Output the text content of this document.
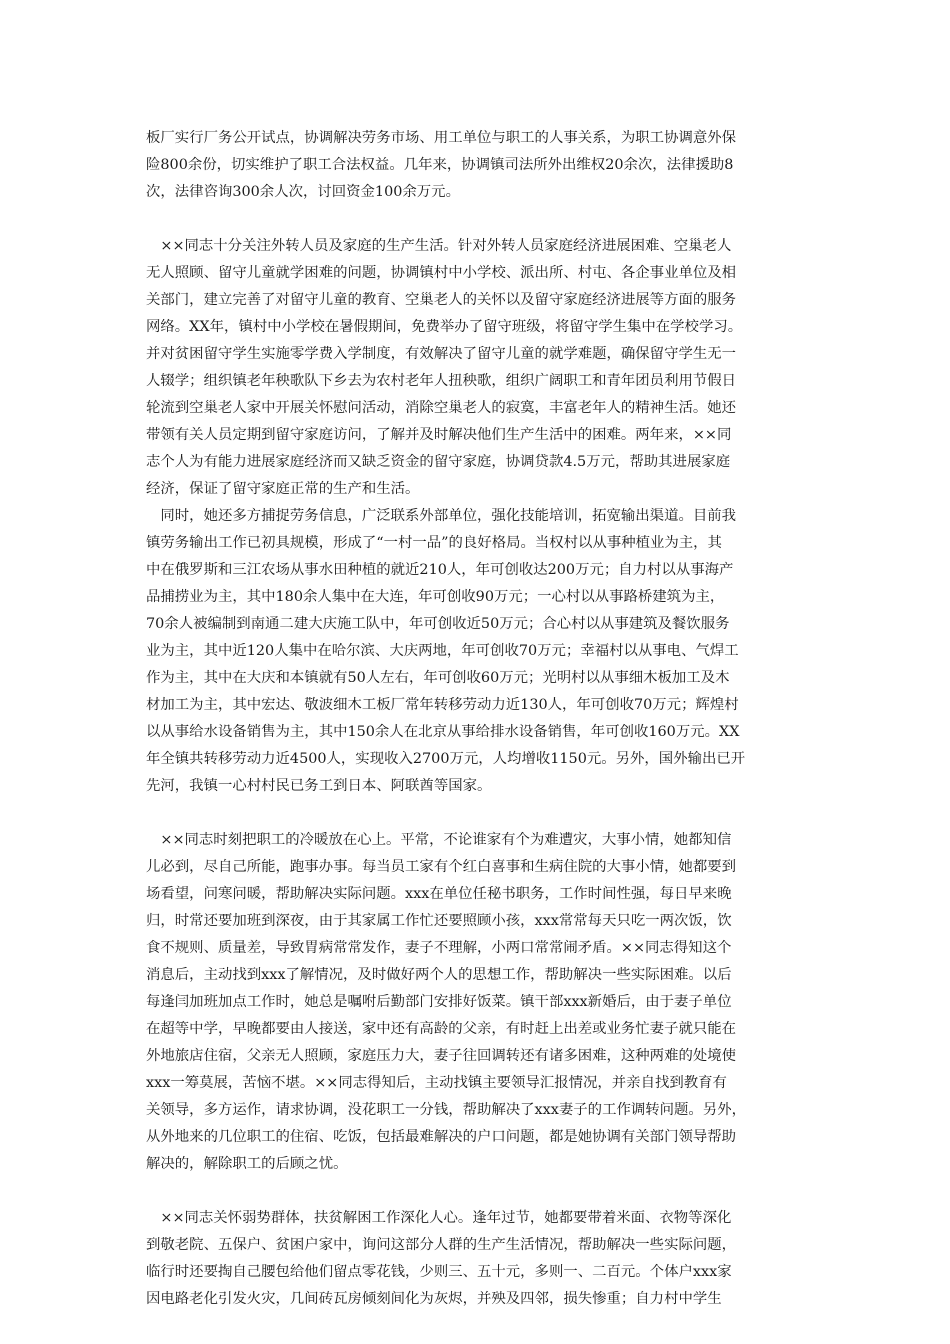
板厂实行厂务公开试点，协调解决劳务市场、用工单位与职工的人事关系，为职工协调意外保
险800余份，切实维护了职工合法权益。几年来，协调镇司法所外出维权20余次，法律援助8
次，法律咨询300余人次，讨回资金100余万元。
　××同志十分关注外转人员及家庭的生产生活。针对外转人员家庭经济进展困难、空巢老人
无人照顾、留守儿童就学困难的问题，协调镇村中小学校、派出所、村屯、各企事业单位及相
关部门，建立完善了对留守儿童的教育、空巢老人的关怀以及留守家庭经济进展等方面的服务
网络。XX年，镇村中小学校在暑假期间，免费举办了留守班级，将留守学生集中在学校学习。
并对贫困留守学生实施零学费入学制度，有效解决了留守儿童的就学难题，确保留守学生无一
人辍学；组织镇老年秧歌队下乡去为农村老年人扭秧歌，组织广阔职工和青年团员利用节假日
轮流到空巢老人家中开展关怀慰问活动，消除空巢老人的寂寞，丰富老年人的精神生活。她还
带领有关人员定期到留守家庭访问，了解并及时解决他们生产生活中的困难。两年来，××同
志个人为有能力进展家庭经济而又缺乏资金的留守家庭，协调贷款4.5万元，帮助其进展家庭
经济，保证了留守家庭正常的生产和生活。
　同时，她还多方捕捉劳务信息，广泛联系外部单位，强化技能培训，拓宽输出渠道。目前我
镇劳务输出工作已初具规模，形成了“一村一品”的良好格局。当权村以从事种植业为主，其
中在俄罗斯和三江农场从事水田种植的就近210人，年可创收达200万元；自力村以从事海产
品捕捞业为主，其中180余人集中在大连，年可创收90万元；一心村以从事路桥建筑为主，
70余人被编制到南通二建大庆施工队中，年可创收近50万元；合心村以从事建筑及餐饮服务
业为主，其中近120人集中在哈尔滨、大庆两地，年可创收70万元；幸福村以从事电、气焊工
作为主，其中在大庆和本镇就有50人左右，年可创收60万元；光明村以从事细木板加工及木
材加工为主，其中宏达、敬波细木工板厂常年转移劳动力近130人，年可创收70万元；辉煌村
以从事给水设备销售为主，其中150余人在北京从事给排水设备销售，年可创收160万元。XX
年全镇共转移劳动力近4500人，实现收入2700万元，人均增收1150元。另外，国外输出已开
先河，我镇一心村村民已务工到日本、阿联酋等国家。
　××同志时刻把职工的冷暖放在心上。平常，不论谁家有个为难遭灾，大事小情，她都知信
儿必到，尽自己所能，跑事办事。每当员工家有个红白喜事和生病住院的大事小情，她都要到
场看望，问寒问暖，帮助解决实际问题。xxx在单位任秘书职务，工作时间性强，每日早来晚
归，时常还要加班到深夜，由于其家属工作忙还要照顾小孩，xxx常常每天只吃一两次饭，饮
食不规则、质量差，导致胃病常常发作，妻子不理解，小两口常常闹矛盾。××同志得知这个
消息后，主动找到xxx了解情况，及时做好两个人的思想工作，帮助解决一些实际困难。以后
每逢闫加班加点工作时，她总是嘱咐后勤部门安排好饭菜。镇干部xxx新婚后，由于妻子单位
在超等中学，早晚都要由人接送，家中还有高龄的父亲，有时赶上出差或业务忙妻子就只能在
外地旅店住宿，父亲无人照顾，家庭压力大，妻子往回调转还有诸多困难，这种两难的处境使
xxx一筹莫展，苦恼不堪。××同志得知后，主动找镇主要领导汇报情况，并亲自找到教育有
关领导，多方运作，请求协调，没花职工一分钱，帮助解决了xxx妻子的工作调转问题。另外，
从外地来的几位职工的住宿、吃饭，包括最难解决的户口问题，都是她协调有关部门领导帮助
解决的，解除职工的后顾之忧。
　××同志关怀弱势群体，扶贫解困工作深化人心。逢年过节，她都要带着米面、衣物等深化
到敬老院、五保户、贫困户家中，询问这部分人群的生产生活情况，帮助解决一些实际问题，
临行时还要掏自己腰包给他们留点零花钱，少则三、五十元，多则一、二百元。个体户xxx家
因电路老化引发火灾，几间砖瓦房倾刻间化为灰烬，并殃及四邻，损失惨重；自力村中学生
